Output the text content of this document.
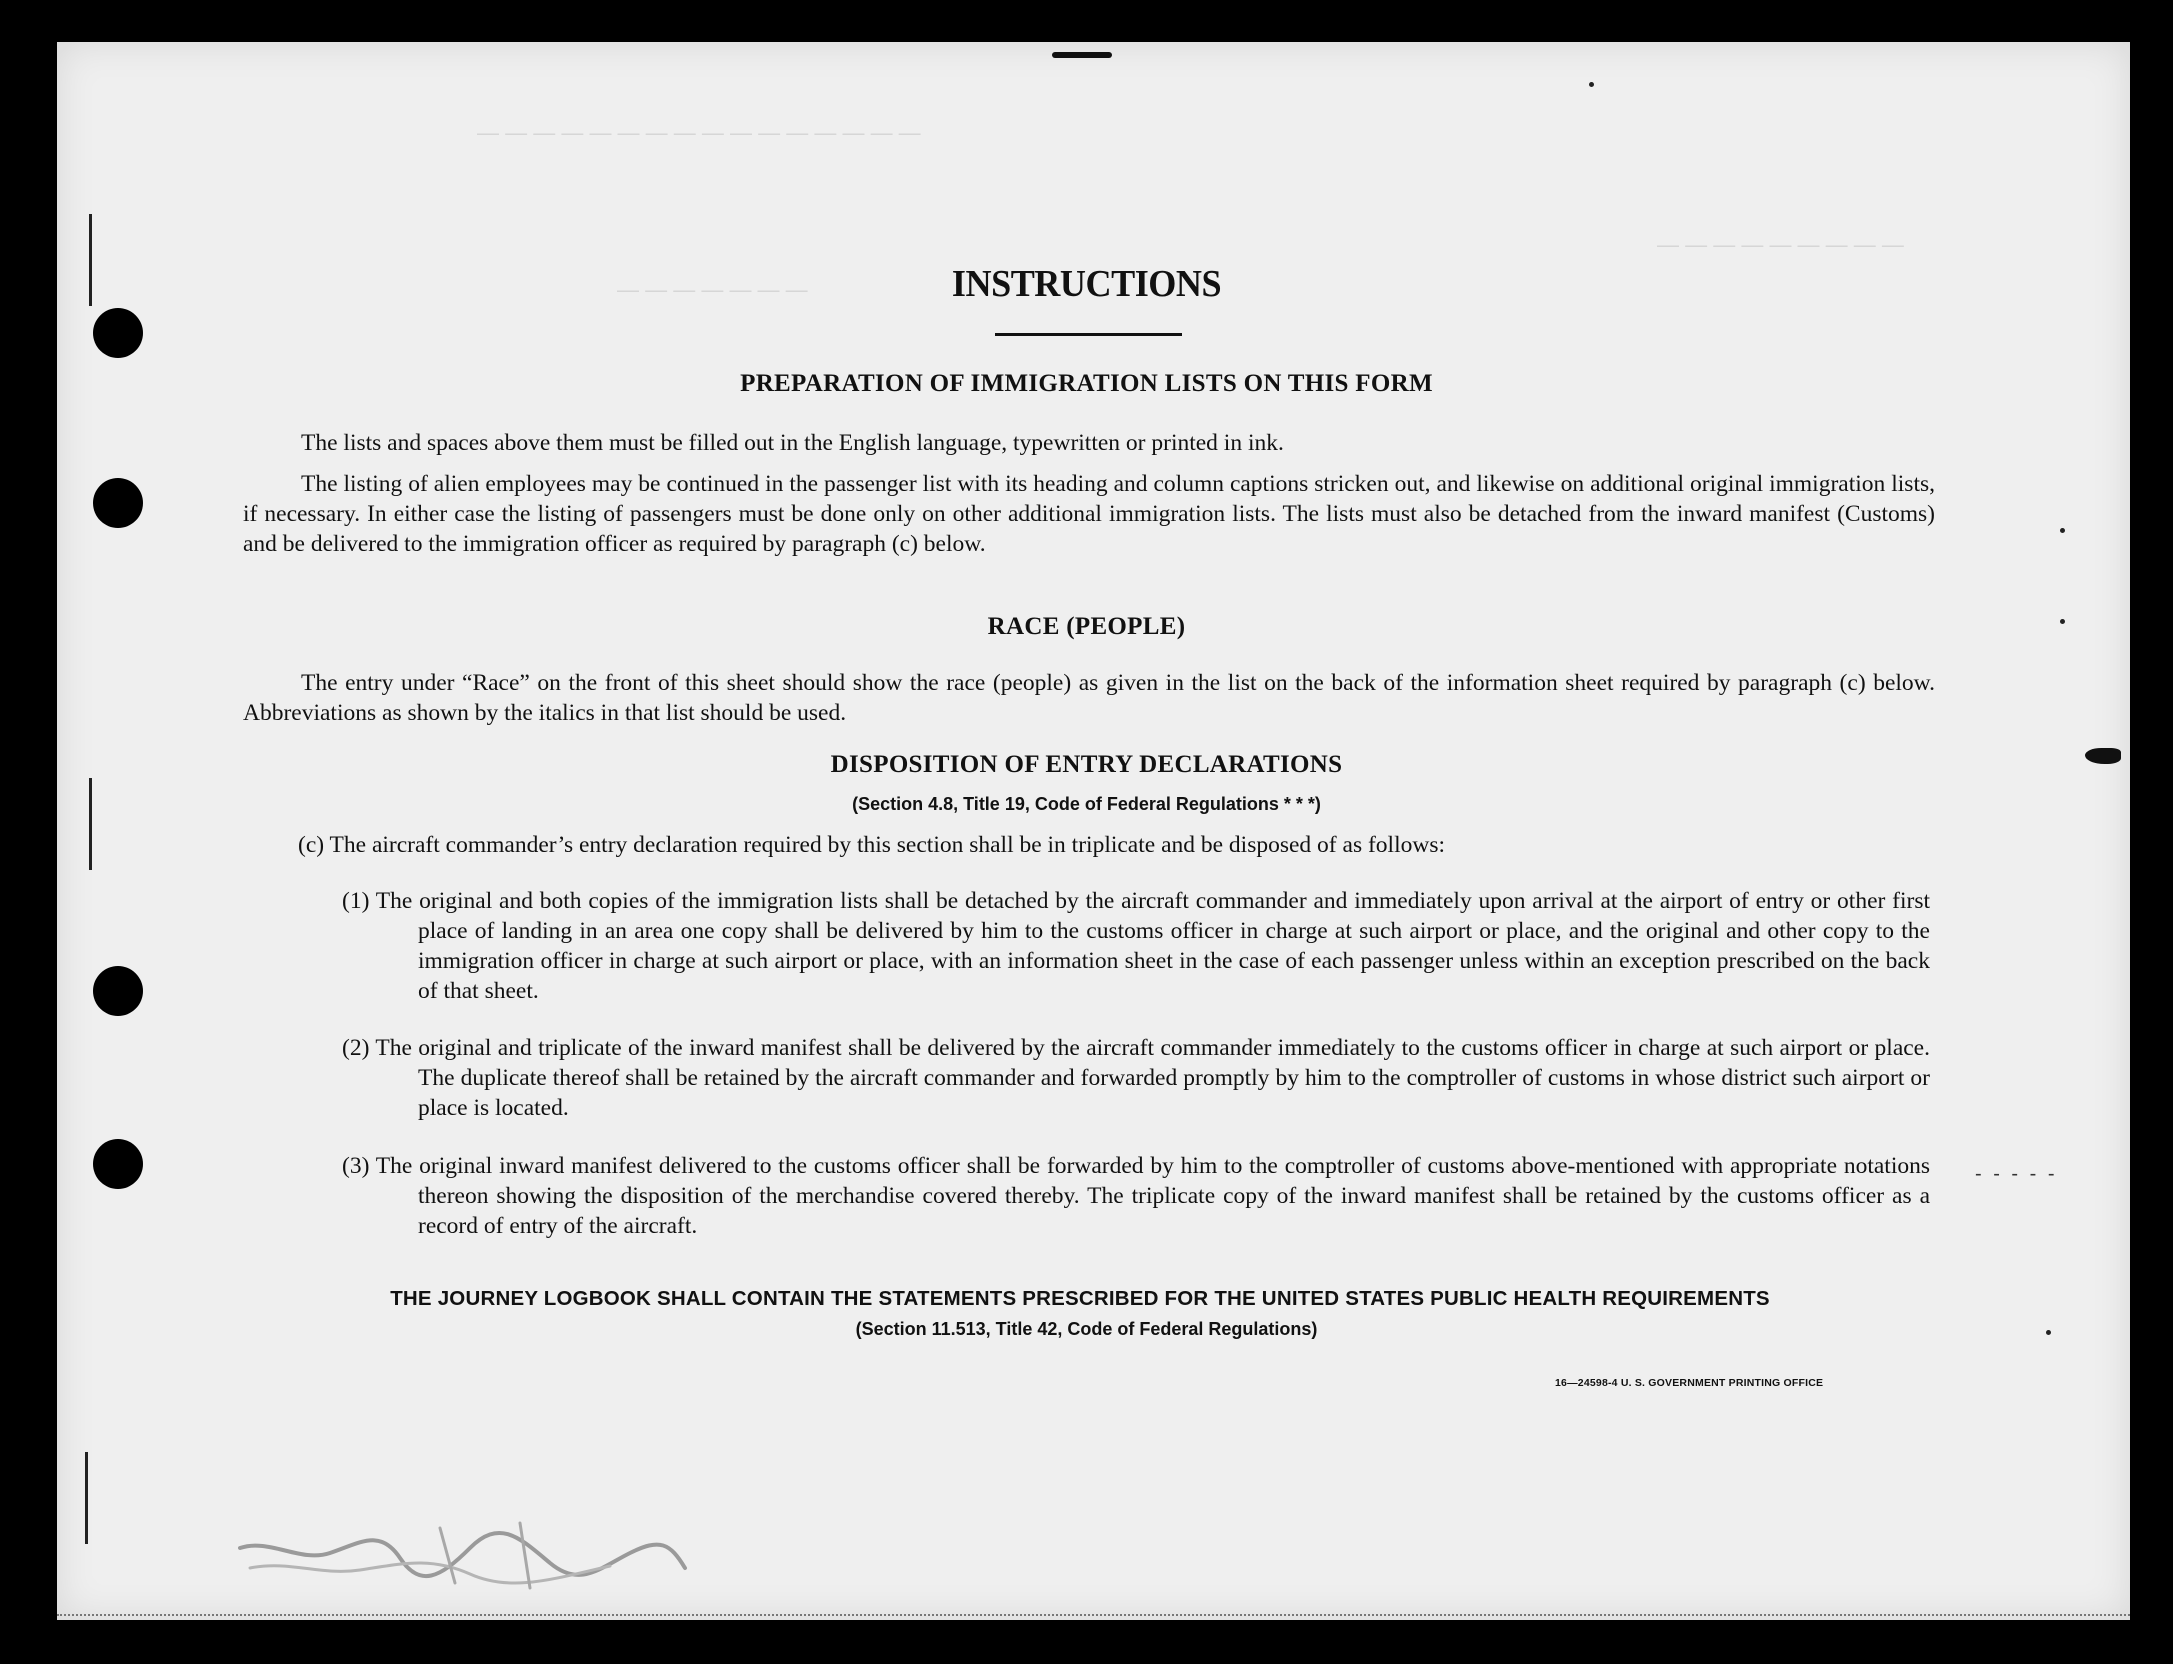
— — — — — — — — — — — — — — — —
— — — — — — — — —
— — — — — — —
- - - - -
INSTRUCTIONS
PREPARATION OF IMMIGRATION LISTS ON THIS FORM
The lists and spaces above them must be filled out in the English language, typewritten or printed in ink.
The listing of alien employees may be continued in the passenger list with its heading and column captions stricken out, and likewise on additional original immigration lists, if necessary. In either case the listing of passengers must be done only on other additional immigration lists. The lists must also be detached from the inward manifest (Customs) and be delivered to the immigration officer as required by paragraph (c) below.
RACE (PEOPLE)
The entry under “Race” on the front of this sheet should show the race (people) as given in the list on the back of the information sheet required by paragraph (c) below. Abbreviations as shown by the italics in that list should be used.
DISPOSITION OF ENTRY DECLARATIONS
(Section 4.8, Title 19, Code of Federal Regulations * * *)
(c) The aircraft commander’s entry declaration required by this section shall be in triplicate and be disposed of as follows:
(1) The original and both copies of the immigration lists shall be detached by the aircraft commander and immediately upon arrival at the airport of entry or other first place of landing in an area one copy shall be delivered by him to the customs officer in charge at such airport or place, and the original and other copy to the immigration officer in charge at such airport or place, with an information sheet in the case of each passenger unless within an exception prescribed on the back of that sheet.
(2) The original and triplicate of the inward manifest shall be delivered by the aircraft commander immediately to the customs officer in charge at such airport or place. The duplicate thereof shall be retained by the aircraft commander and forwarded promptly by him to the comptroller of customs in whose district such airport or place is located.
(3) The original inward manifest delivered to the customs officer shall be forwarded by him to the comptroller of customs above-mentioned with appropriate notations thereon showing the disposition of the merchandise covered thereby. The triplicate copy of the inward manifest shall be retained by the customs officer as a record of entry of the aircraft.
THE JOURNEY LOGBOOK SHALL CONTAIN THE STATEMENTS PRESCRIBED FOR THE UNITED STATES PUBLIC HEALTH REQUIREMENTS
(Section 11.513, Title 42, Code of Federal Regulations)
16—24598-4 U. S. GOVERNMENT PRINTING OFFICE
